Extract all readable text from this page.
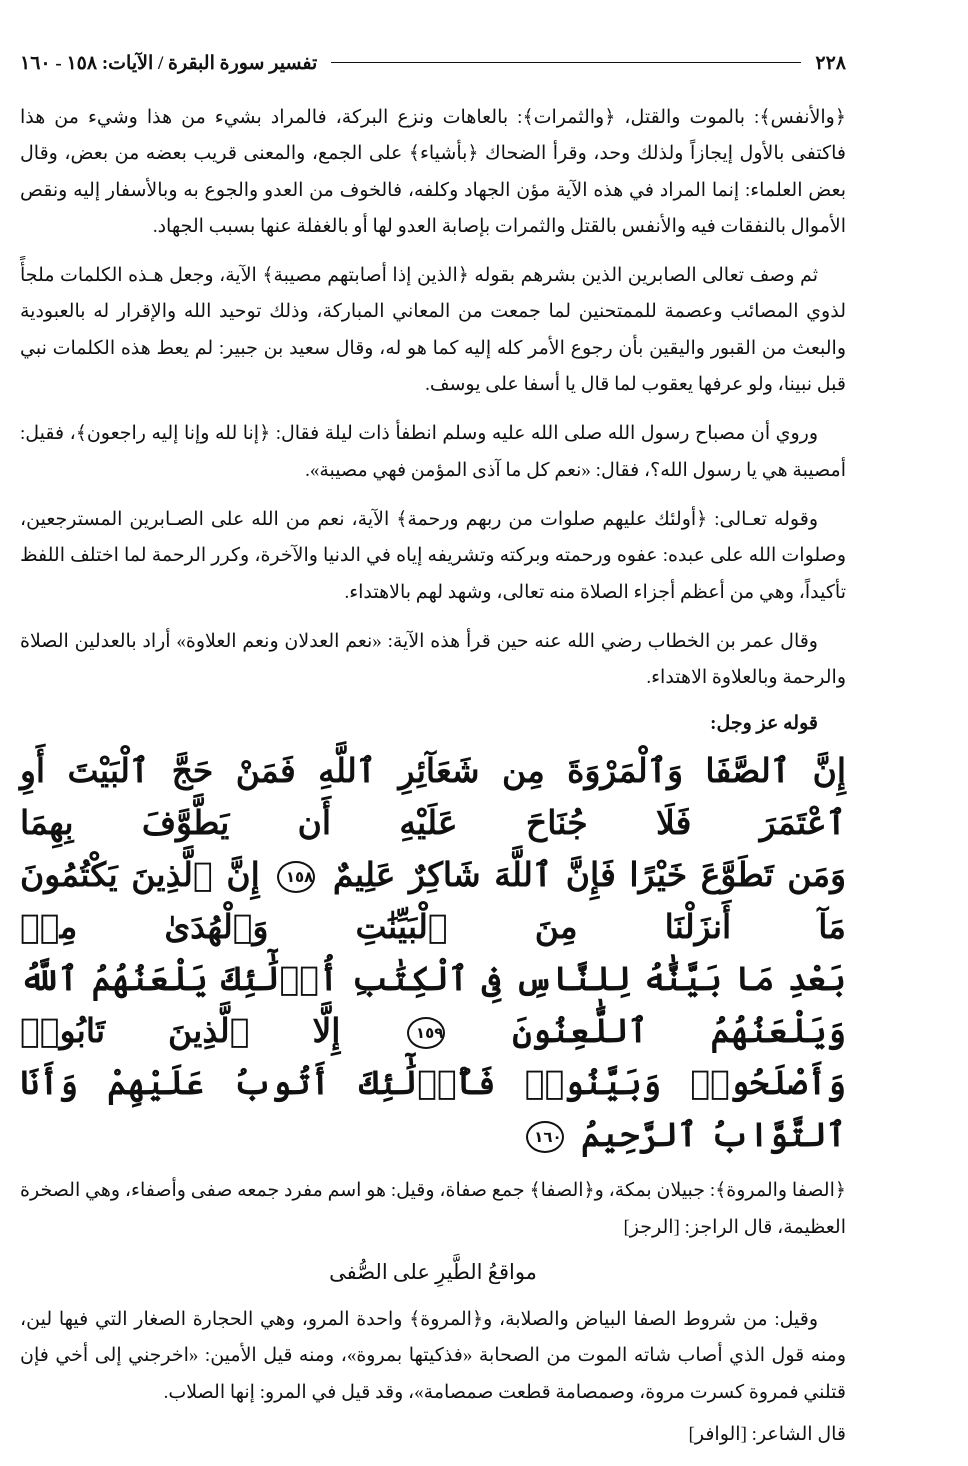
٢٢٨
تفسير سورة البقرة / الآيات: ١٥٨ - ١٦٠

﴿والأنفس﴾: بالموت والقتل، ﴿والثمرات﴾: بالعاهات ونزع البركة، فالمراد بشيء من هذا وشيء من هذا فاكتفى بالأول إيجازاً ولذلك وحد، وقرأ الضحاك ﴿بأشياء﴾ على الجمع، والمعنى قريب بعضه من بعض، وقال بعض العلماء: إنما المراد في هذه الآية مؤن الجهاد وكلفه، فالخوف من العدو والجوع به وبالأسفار إليه ونقص الأموال بالنفقات فيه والأنفس بالقتل والثمرات بإصابة العدو لها أو بالغفلة عنها بسبب الجهاد.

ثم وصف تعالى الصابرين الذين بشرهم بقوله ﴿الذين إذا أصابتهم مصيبة﴾ الآية، وجعل هـذه الكلمات ملجأً لذوي المصائب وعصمة للممتحنين لما جمعت من المعاني المباركة، وذلك توحيد الله والإقرار له بالعبودية والبعث من القبور واليقين بأن رجوع الأمر كله إليه كما هو له، وقال سعيد بن جبير: لم يعط هذه الكلمات نبي قبل نبينا، ولو عرفها يعقوب لما قال يا أسفا على يوسف.

وروي أن مصباح رسول الله صلى الله عليه وسلم انطفأ ذات ليلة فقال: ﴿إنا لله وإنا إليه راجعون﴾، فقيل: أمصيبة هي يا رسول الله؟، فقال: «نعم كل ما آذى المؤمن فهي مصيبة».

وقوله تعـالى: ﴿أولئك عليهم صلوات من ربهم ورحمة﴾ الآية، نعم من الله على الصـابرين المسترجعين، وصلوات الله على عبده: عفوه ورحمته وبركته وتشريفه إياه في الدنيا والآخرة، وكرر الرحمة لما اختلف اللفظ تأكيداً، وهي من أعظم أجزاء الصلاة منه تعالى، وشهد لهم بالاهتداء.

وقال عمر بن الخطاب رضي الله عنه حين قرأ هذه الآية: «نعم العدلان ونعم العلاوة» أراد بالعدلين الصلاة والرحمة وبالعلاوة الاهتداء.

قوله عز وجل:
إِنَّ ٱلصَّفَا وَٱلْمَرْوَةَ مِن شَعَآئِرِ ٱللَّهِ فَمَنْ حَجَّ ٱلْبَيْتَ أَوِ ٱعْتَمَرَ فَلَا جُنَاحَ عَلَيْهِ أَن يَطَّوَّفَ بِهِمَا
وَمَن تَطَوَّعَ خَيْرًا فَإِنَّ ٱللَّهَ شَاكِرٌ عَلِيمٌ ١٥٨ إِنَّ ٱلَّذِينَ يَكْتُمُونَ مَآ أَنزَلْنَا مِنَ ٱلْبَيِّنَٰتِ وَٱلْهُدَىٰ مِنۢ
بَعْدِ مَا بَيَّنَّٰهُ لِلنَّاسِ فِى ٱلْكِتَٰبِ أُو۟لَٰٓئِكَ يَلْعَنُهُمُ ٱللَّهُ وَيَلْعَنُهُمُ ٱللَّٰعِنُونَ ١٥٩ إِلَّا ٱلَّذِينَ تَابُوا۟
وَأَصْلَحُوا۟ وَبَيَّنُوا۟ فَأُو۟لَٰٓئِكَ أَتُوبُ عَلَيْهِمْ وَأَنَا ٱلتَّوَّابُ ٱلرَّحِيمُ ١٦٠

﴿الصفا والمروة﴾: جبيلان بمكة، و﴿الصفا﴾ جمع صفاة، وقيل: هو اسم مفرد جمعه صفى وأصفاء، وهي الصخرة العظيمة، قال الراجز: [الرجز]

مواقعُ الطَّيرِ على الصُّفى

وقيل: من شروط الصفا البياض والصلابة، و﴿المروة﴾ واحدة المرو، وهي الحجارة الصغار التي فيها لين، ومنه قول الذي أصاب شاته الموت من الصحابة «فذكيتها بمروة»، ومنه قيل الأمين: «اخرجني إلى أخي فإن قتلني فمروة كسرت مروة، وصمصامة قطعت صمصامة»، وقد قيل في المرو: إنها الصلاب.

قال الشاعر: [الوافر]
